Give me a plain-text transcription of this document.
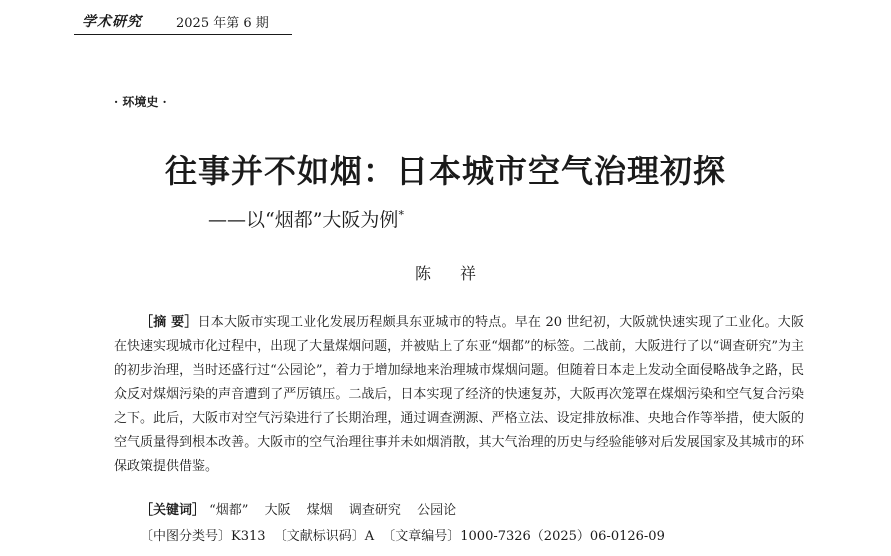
学术研究	2025 年第 6 期
· 环境史 ·
往事并不如烟：日本城市空气治理初探
——以“烟都”大阪为例*
陈 祥
［摘 要］日本大阪市实现工业化发展历程颇具东亚城市的特点。早在 20 世纪初，大阪就快速实现了工业化。大阪在快速实现城市化过程中，出现了大量煤烟问题，并被贴上了东亚“烟都”的标签。二战前，大阪进行了以“调查研究”为主的初步治理，当时还盛行过“公园论”，着力于增加绿地来治理城市煤烟问题。但随着日本走上发动全面侵略战争之路，民众反对煤烟污染的声音遭到了严厉镇压。二战后，日本实现了经济的快速复苏，大阪再次笼罩在煤烟污染和空气复合污染之下。此后，大阪市对空气污染进行了长期治理，通过调查溯源、严格立法、设定排放标准、央地合作等举措，使大阪的空气质量得到根本改善。大阪市的空气治理往事并未如烟消散，其大气治理的历史与经验能够对后发展国家及其城市的环保政策提供借鉴。
［关键词］ “烟都” 大阪 煤烟 调查研究 公园论
〔中图分类号〕K313 〔文献标识码〕A 〔文章编号〕1000-7326（2025）06-0126-09
